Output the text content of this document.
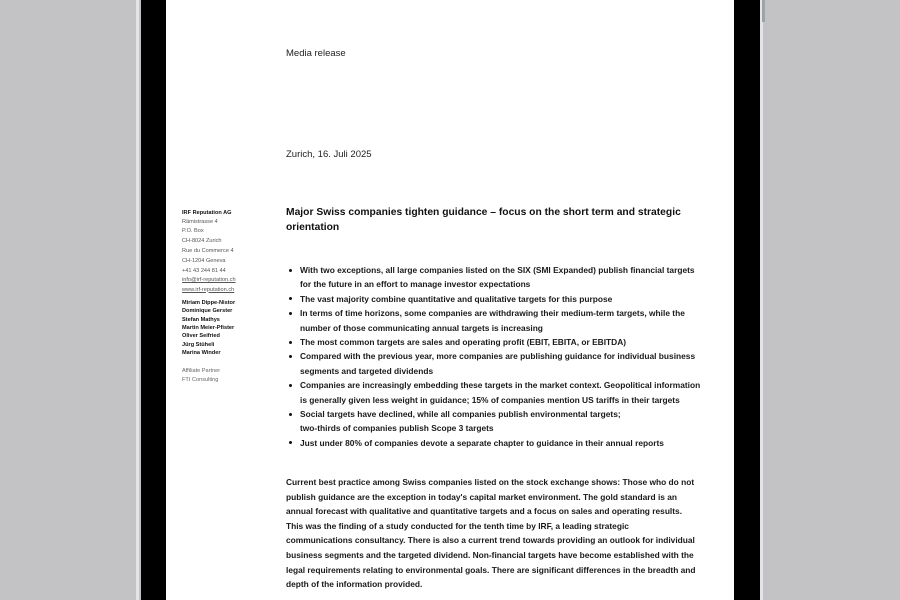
Media release
Zurich, 16. Juli 2025
IRF Reputation AG
Rämistrasse 4
P.O. Box
CH-8024 Zurich
Rue du Commerce 4
CH-1204 Geneva
+41 43 244 81 44
info@irf-reputation.ch
www.irf-reputation.ch
Miriam Dippe-Nistor
Dominique Gerster
Stefan Mathys
Martin Meier-Pfister
Oliver Seifried
Jürg Stüheli
Marina Winder
Affiliate Partner
FTI Consulting
Major Swiss companies tighten guidance – focus on the short term and strategic orientation
With two exceptions, all large companies listed on the SIX (SMI Expanded) publish financial targets for the future in an effort to manage investor expectations
The vast majority combine quantitative and qualitative targets for this purpose
In terms of time horizons, some companies are withdrawing their medium-term targets, while the number of those communicating annual targets is increasing
The most common targets are sales and operating profit (EBIT, EBITA, or EBITDA)
Compared with the previous year, more companies are publishing guidance for individual business segments and targeted dividends
Companies are increasingly embedding these targets in the market context. Geopolitical information is generally given less weight in guidance; 15% of companies mention US tariffs in their targets
Social targets have declined, while all companies publish environmental targets;
two-thirds of companies publish Scope 3 targets
Just under 80% of companies devote a separate chapter to guidance in their annual reports

Current best practice among Swiss companies listed on the stock exchange shows: Those who do not publish guidance are the exception in today's capital market environment. The gold standard is an annual forecast with qualitative and quantitative targets and a focus on sales and operating results. This was the finding of a study conducted for the tenth time by IRF, a leading strategic communications consultancy. There is also a current trend towards providing an outlook for individual business segments and the targeted dividend. Non-financial targets have become established with the legal requirements relating to environmental goals. There are significant differences in the breadth and depth of the information provided.
